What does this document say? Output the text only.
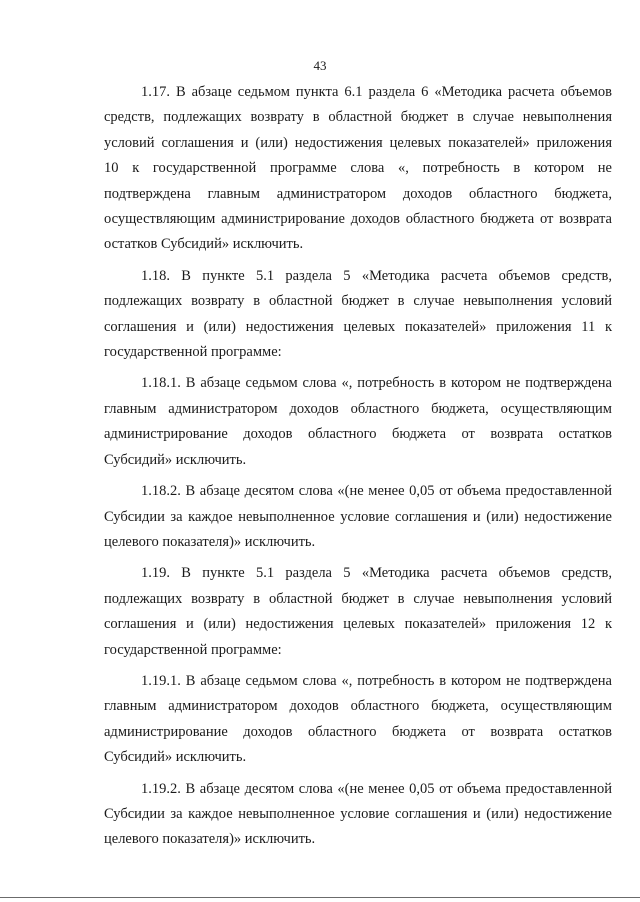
43
1.17. В абзаце седьмом пункта 6.1 раздела 6 «Методика расчета объемов
средств, подлежащих возврату в областной бюджет в случае невыполнения
условий соглашения и (или) недостижения целевых показателей» приложения
10 к государственной программе слова «, потребность в котором не
подтверждена главным администратором доходов областного бюджета,
осуществляющим администрирование доходов областного бюджета от возврата
остатков Субсидий» исключить.
1.18. В пункте 5.1 раздела 5 «Методика расчета объемов средств,
подлежащих возврату в областной бюджет в случае невыполнения условий
соглашения и (или) недостижения целевых показателей» приложения 11 к
государственной программе:
1.18.1. В абзаце седьмом слова «, потребность в котором не подтверждена
главным администратором доходов областного бюджета, осуществляющим
администрирование доходов областного бюджета от возврата остатков
Субсидий» исключить.
1.18.2. В абзаце десятом слова «(не менее 0,05 от объема предоставленной
Субсидии за каждое невыполненное условие соглашения и (или) недостижение
целевого показателя)» исключить.
1.19. В пункте 5.1 раздела 5 «Методика расчета объемов средств,
подлежащих возврату в областной бюджет в случае невыполнения условий
соглашения и (или) недостижения целевых показателей» приложения 12 к
государственной программе:
1.19.1. В абзаце седьмом слова «, потребность в котором не подтверждена
главным администратором доходов областного бюджета, осуществляющим
администрирование доходов областного бюджета от возврата остатков
Субсидий» исключить.
1.19.2. В абзаце десятом слова «(не менее 0,05 от объема предоставленной
Субсидии за каждое невыполненное условие соглашения и (или) недостижение
целевого показателя)» исключить.
